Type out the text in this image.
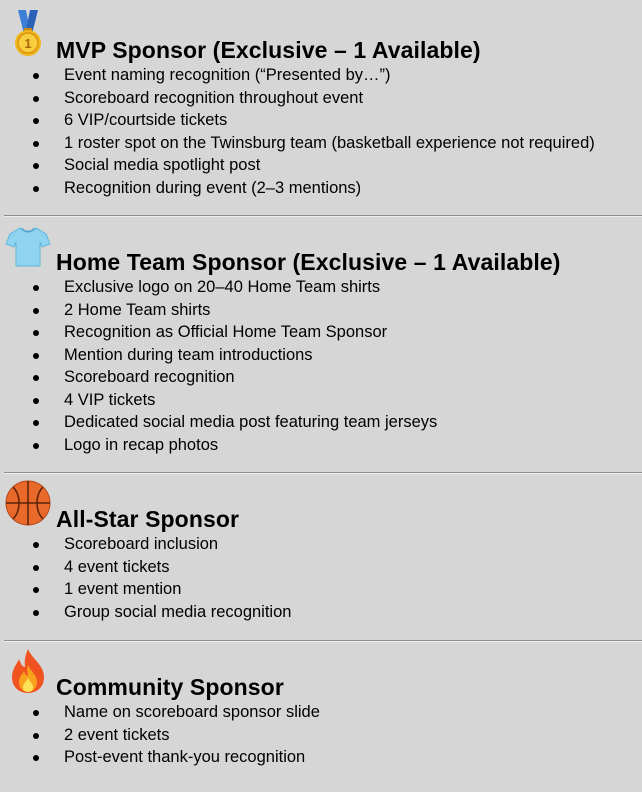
1 MVP Sponsor (Exclusive – 1 Available)
Event naming recognition (“Presented by…”)
Scoreboard recognition throughout event
6 VIP/courtside tickets
1 roster spot on the Twinsburg team (basketball experience not required)
Social media spotlight post
Recognition during event (2–3 mentions)
Home Team Sponsor (Exclusive – 1 Available)
Exclusive logo on 20–40 Home Team shirts
2 Home Team shirts
Recognition as Official Home Team Sponsor
Mention during team introductions
Scoreboard recognition
4 VIP tickets
Dedicated social media post featuring team jerseys
Logo in recap photos
All-Star Sponsor
Scoreboard inclusion
4 event tickets
1 event mention
Group social media recognition
Community Sponsor
Name on scoreboard sponsor slide
2 event tickets
Post-event thank-you recognition
